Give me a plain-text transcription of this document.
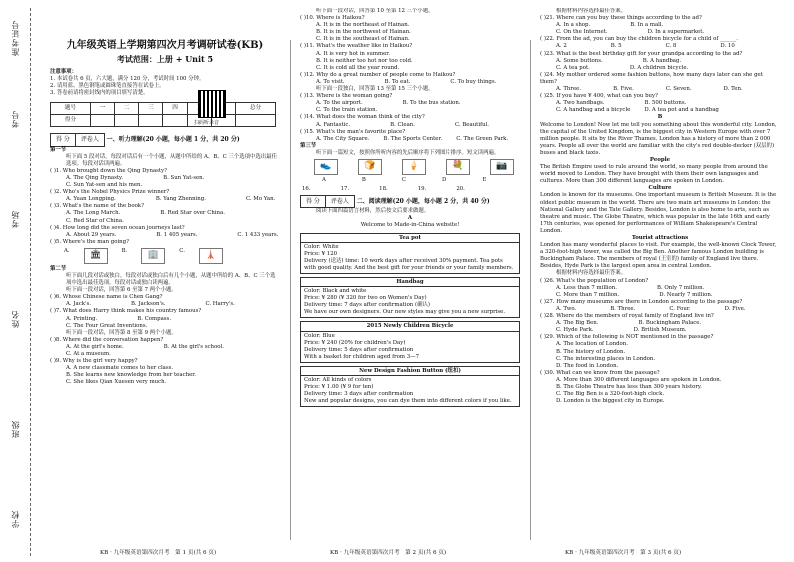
准考证号
考号
考场
姓名
班级
学校
九年级英语上学期第四次月考调研试卷(KB)
考试范围：上册 + Unit 5
注意事项：
1. 本试卷共 6 页，六大题，满分 120 分，考试时间 100 分钟。
2. 请用蓝、黑色钢笔或圆珠笔直接答在试卷上。
3. 答卷前请将密封线内的项目填写清楚。
题号	一	二	三	四			总分
得分							
得 分 评卷人 一、听力理解(20 小题，每小题 1 分，共 20 分)
第一节
听下面 5 段对话。每段对话后有一个小题，从题中所给的 A、B、C 三个选项中选出最佳选项。每段对话读两遍。
( )1. Who brought down the Qing Dynasty?
A. The Qing Dynasty.	B. Sun Yat-sen.
C. Sun Yat-sen and his men.
( )2. Who's the Nobel Physics Prize winner?
A. Yuan Longping.	B. Yang Zhenning.	C. Mo Yan.
( )3. What's the name of the book?
A. The Long March.	B. Red Star over China.
C. Red Star of China.
( )4. How long did the seven ocean journeys last?
A. About 29 years.	B. 1 405 years.	C. 1 433 years.
( )5. Where's the man going?
A.	🏛	B.	🏢	C.	🗼
第二节
听下面几段对话或独白。每段对话或独白后有几个小题，从题中所给的 A、B、C 三个选项中选出最佳选项。每段对话或独白读两遍。
听下面一段对话，回答第 6 至第 7 两个小题。
( )6. Whose Chinese name is Chen Gang?
A. Jack's.	B. Jackson's.	C. Harry's.
( )7. What does Harry think makes his country famous?
A. Printing.	B. Compass.
C. The Four Great Inventions.
听下面一段对话，回答第 8 至第 9 两个小题。
( )8. Where did the conversation happen?
A. At the girl's home.	B. At the girl's school.
C. At a museum.
( )9. Why is the girl very happy?
A. A new classmate comes to her class.
B. She learns new knowledge from her teacher.
C. She likes Qian Xuesen very much.
扫码听录音
听下面一段对话，回答第 10 至第 12 三个小题。
( )10. Where is Haikou?
A. It is in the northeast of Hainan.
B. It is in the northwest of Hainan.
C. It is in the southeast of Hainan.
( )11. What's the weather like in Haikou?
A. It is very hot in summer.
B. It is neither too hot nor too cold.
C. It is cold all the year round.
( )12. Why do a great number of people come to Haikou?
A. To visit.	B. To eat.	C. To buy things.
听下面一段独白，回答第 13 至第 15 三个小题。
( )13. Where is the woman going?
A. To the airport.	B. To the bus station.
C. To the train station.
( )14. What does the woman think of the city?
A. Fantastic.	B. Clean.	C. Beautiful.
( )15. What's the man's favorite place?
A. The City Square.	B. The Sports Center.	C. The Green Park.
第三节
听下面一篇短文，按照你所听内容的先后顺序将下列图片排序。短文读两遍。
👟	🍞	🍦	💐	📷
A	B	C	D	E
16.	17.	18.	19.	20.
得 分 评卷人 二、阅读理解(20 小题，每小题 2 分，共 40 分)
阅读下面四篇语言材料，然后按文后要求做题。
A
Welcome to Made-in-China website!
Tea pot
Color: White
Price: ¥ 120
Delivery (送达) time: 10 work days after received 30% payment. Tea pots with good quality. And the best gift for your friends or your family members.
Handbag
Color: Black and white
Price: ¥ 280 (¥ 320 for two on Women's Day)
Delivery time: 7 days after confirmation (确认)
We have our own designers. Our new styles may give you a new surprise.
2015 Newly Children Bicycle
Color: Blue
Price: ¥ 240 (20% for children's Day)
Delivery time: 5 days after confirmation
With a basket for children aged from 3—7
New Design Fashion Button (纽扣)
Color: All kinds of colors
Price: ¥ 1.00 (¥ 9 for ten)
Delivery time: 3 days after confirmation
New and popular designs, you can dye them into different colors if you like.
根据材料内容选择最佳答案。
( )21. Where can you buy these things according to the ad?
A. In a shop.	B. In a mall.
C. On the Internet.	D. In a supermarket.
( )22. From the ad, you can buy the children bicycle for a child of ______.
A. 2	B. 5	C. 8	D. 10
( )23. What is the best birthday gift for your grandpa according to the ad?
A. Some buttons.	B. A handbag.
C. A tea pot.	D. A children bicycle.
( )24. My mother ordered some fashion buttons, how many days later can she get them?
A. Three.	B. Five.	C. Seven.	D. Ten.
( )25. If you have ¥ 400, what can you buy?
A. Two handbags.	B. 500 buttons.
C. A handbag and a bicycle	D. A tea pot and a handbag
B
Welcome to London! Now let me tell you something about this wonderful city. London, the capital of the United Kingdom, is the biggest city in Western Europe with over 7 million people. It sits by the River Thames. London has a history of more than 2 000 years. People all over the world are familiar with the city's red double-decker (双层的) buses and black taxis.
People
The British Empire used to rule around the world, so many people from around the world moved to London. They have brought with them their own languages and cultures. More than 300 different languages are spoken in London.
Culture
London is known for its museums. One important museum is British Museum. It is the oldest public museum in the world. There are two main art museums in London: the National Gallery and the Tate Gallery. Besides, London is also home to arts, such as theatre and music. The Globe Theatre, which was popular in the late 16th and early 17th centuries, was opened for performances of William Shakespeare's Central London.
Tourist attractions
London has many wonderful places to visit. For example, the well-known Clock Tower, a 320-foot-high tower, was called the Big Ben. Another famous London building is Buckingham Palace. The members of royal (王室的) family of England live there. Besides, Hyde Park is the largest open area in central London.
根据材料内容选择最佳答案。
( )26. What's the population of London?
A. Less than 7 million.	B. Only 7 million.
C. More than 7 million.	D. Nearly 7 million.
( )27. How many museums are there in London according to the passage?
A. Two.	B. Three.	C. Four.	D. Five.
( )28. Where do the members of royal family of England live in?
A. The Big Ben.	B. Buckingham Palace.
C. Hyde Park.	D. British Museum.
( )29. Which of the following is NOT mentioned in the passage?
A. The location of London.
B. The history of London.
C. The interesting places in London.
D. The food in London.
( )30. What can we know from the passage?
A. More than 300 different languages are spoken in London.
B. The Globe Theatre has less than 300 years history.
C. The Big Ben is a 320-foot-high clock.
D. London is the biggest city in Europe.
KB · 九年级英语第四次月考　第 1 页(共 6 页)	KB · 九年级英语第四次月考　第 2 页(共 6 页)	KB · 九年级英语第四次月考　第 3 页(共 6 页)
